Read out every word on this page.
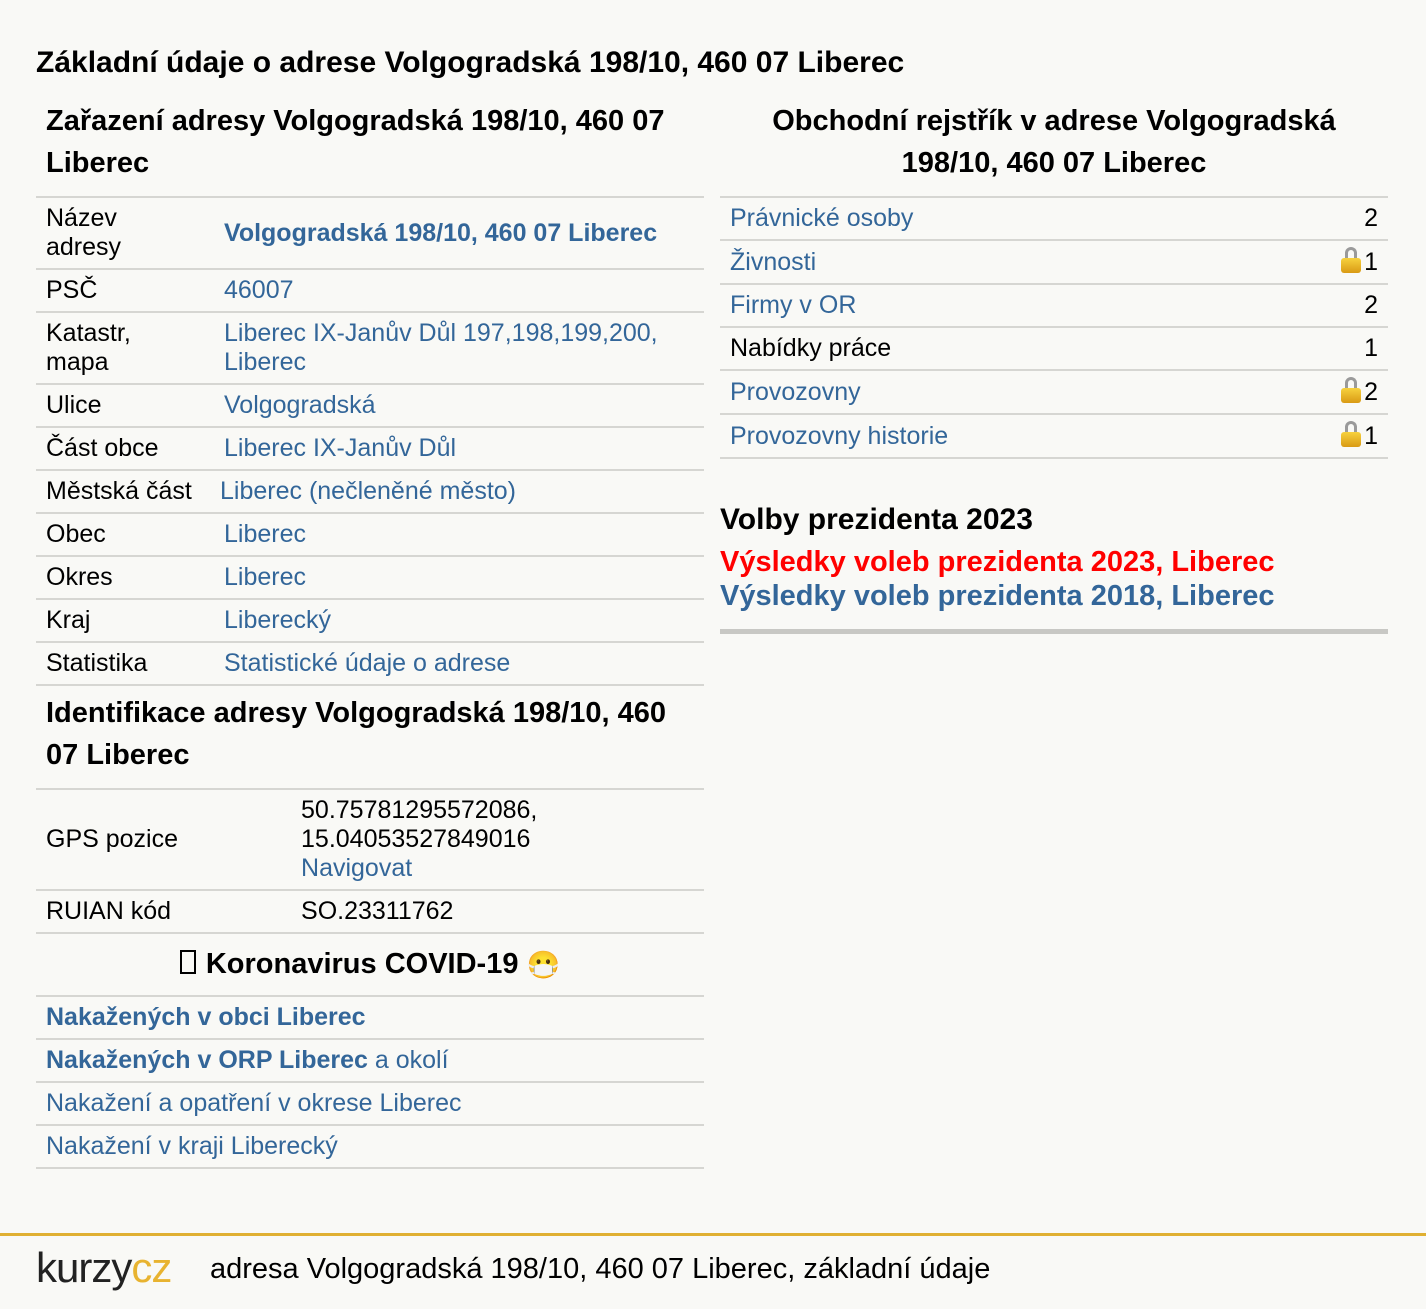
Základní údaje o adrese Volgogradská 198/10, 460 07 Liberec
Zařazení adresy Volgogradská 198/10, 460 07 Liberec
Název adresy	Volgogradská 198/10, 460 07 Liberec
PSČ	46007
Katastr, mapa	Liberec IX-Janův Důl 197,198,199,200, Liberec
Ulice	Volgogradská
Část obce	Liberec IX-Janův Důl
Městská část	Liberec (nečleněné město)
Obec	Liberec
Okres	Liberec
Kraj	Liberecký
Statistika	Statistické údaje o adrese
Identifikace adresy Volgogradská 198/10, 460 07 Liberec
GPS pozice	50.75781295572086, 15.04053527849016
Navigovat
RUIAN kód	SO.23311762
Koronavirus COVID-19 😷
Nakažených v obci Liberec
Nakažených v ORP Liberec a okolí
Nakažení a opatření v okrese Liberec
Nakažení v kraji Liberecký
Obchodní rejstřík v adrese Volgogradská 198/10, 460 07 Liberec
Právnické osoby	2
Živnosti	1
Firmy v OR	2
Nabídky práce	1
Provozovny	2
Provozovny historie	1
Volby prezidenta 2023
Výsledky voleb prezidenta 2023, Liberec
Výsledky voleb prezidenta 2018, Liberec
kurzycz adresa Volgogradská 198/10, 460 07 Liberec, základní údaje
